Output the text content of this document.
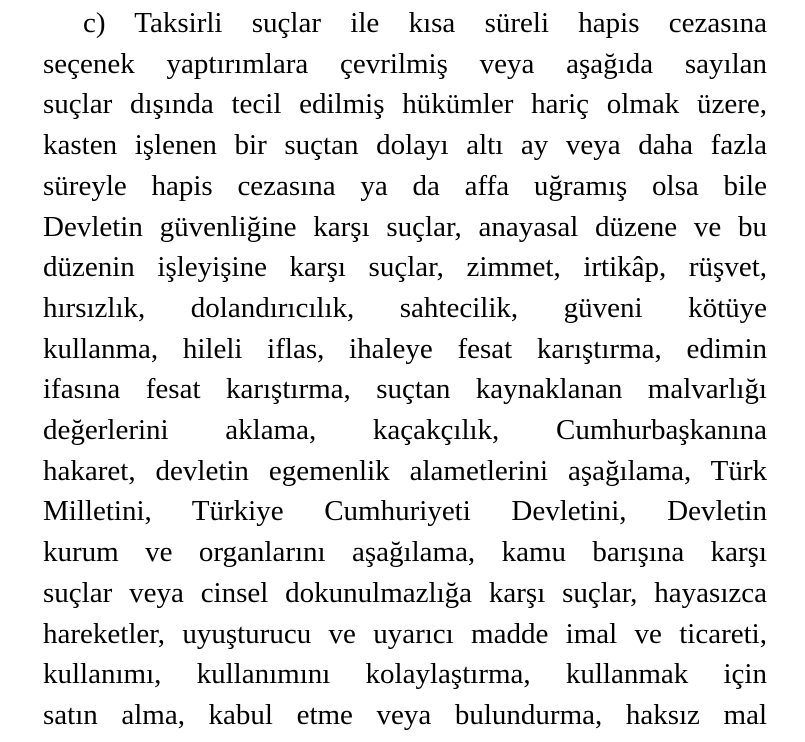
c) Taksirli suçlar ile kısa süreli hapis cezasına
seçenek yaptırımlara çevrilmiş veya aşağıda sayılan
suçlar dışında tecil edilmiş hükümler hariç olmak üzere,
kasten işlenen bir suçtan dolayı altı ay veya daha fazla
süreyle hapis cezasına ya da affa uğramış olsa bile
Devletin güvenliğine karşı suçlar, anayasal düzene ve bu
düzenin işleyişine karşı suçlar, zimmet, irtikâp, rüşvet,
hırsızlık, dolandırıcılık, sahtecilik, güveni kötüye
kullanma, hileli iflas, ihaleye fesat karıştırma, edimin
ifasına fesat karıştırma, suçtan kaynaklanan malvarlığı
değerlerini aklama, kaçakçılık, Cumhurbaşkanına
hakaret, devletin egemenlik alametlerini aşağılama, Türk
Milletini, Türkiye Cumhuriyeti Devletini, Devletin
kurum ve organlarını aşağılama, kamu barışına karşı
suçlar veya cinsel dokunulmazlığa karşı suçlar, hayasızca
hareketler, uyuşturucu ve uyarıcı madde imal ve ticareti,
kullanımı, kullanımını kolaylaştırma, kullanmak için
satın alma, kabul etme veya bulundurma, haksız mal
